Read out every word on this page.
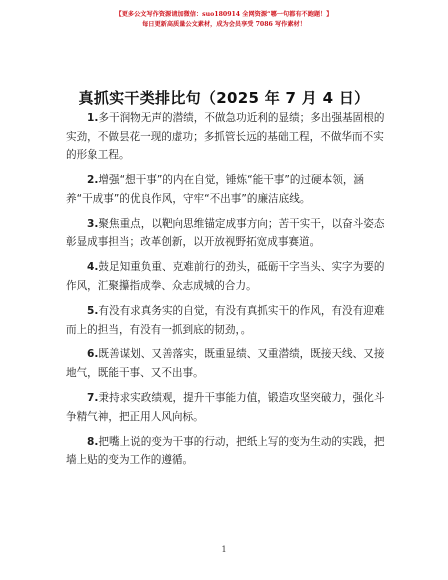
【更多公文写作资源请加微信：suo180914 全网资源“哪一句都有不跑题！】
每日更新高质量公文素材，成为会员享受 7086 写作素材！
真抓实干类排比句（2025 年 7 月 4 日）

1.多干润物无声的潜绩，不做急功近利的显绩；多出强基固根的实劲，不做昙花一现的虚功；多抓管长远的基础工程，不做华而不实的形象工程。

2.增强“想干事”的内在自觉，锤炼“能干事”的过硬本领，涵养“干成事”的优良作风，守牢“不出事”的廉洁底线。

3.聚焦重点，以靶向思维锚定成事方向；苦干实干，以奋斗姿态彰显成事担当；改革创新，以开放视野拓宽成事赛道。

4.鼓足知重负重、克难前行的劲头，砥砺干字当头、实字为要的作风，汇聚攥指成拳、众志成城的合力。

5.有没有求真务实的自觉，有没有真抓实干的作风，有没有迎难而上的担当，有没有一抓到底的韧劲，。

6.既善谋划、又善落实，既重显绩、又重潜绩，既接天线、又接地气，既能干事、又不出事。

7.秉持求实政绩观，提升干事能力值，锻造攻坚突破力，强化斗争精气神，把正用人风向标。

8.把嘴上说的变为干事的行动，把纸上写的变为生动的实践，把墙上贴的变为工作的遵循。

1
